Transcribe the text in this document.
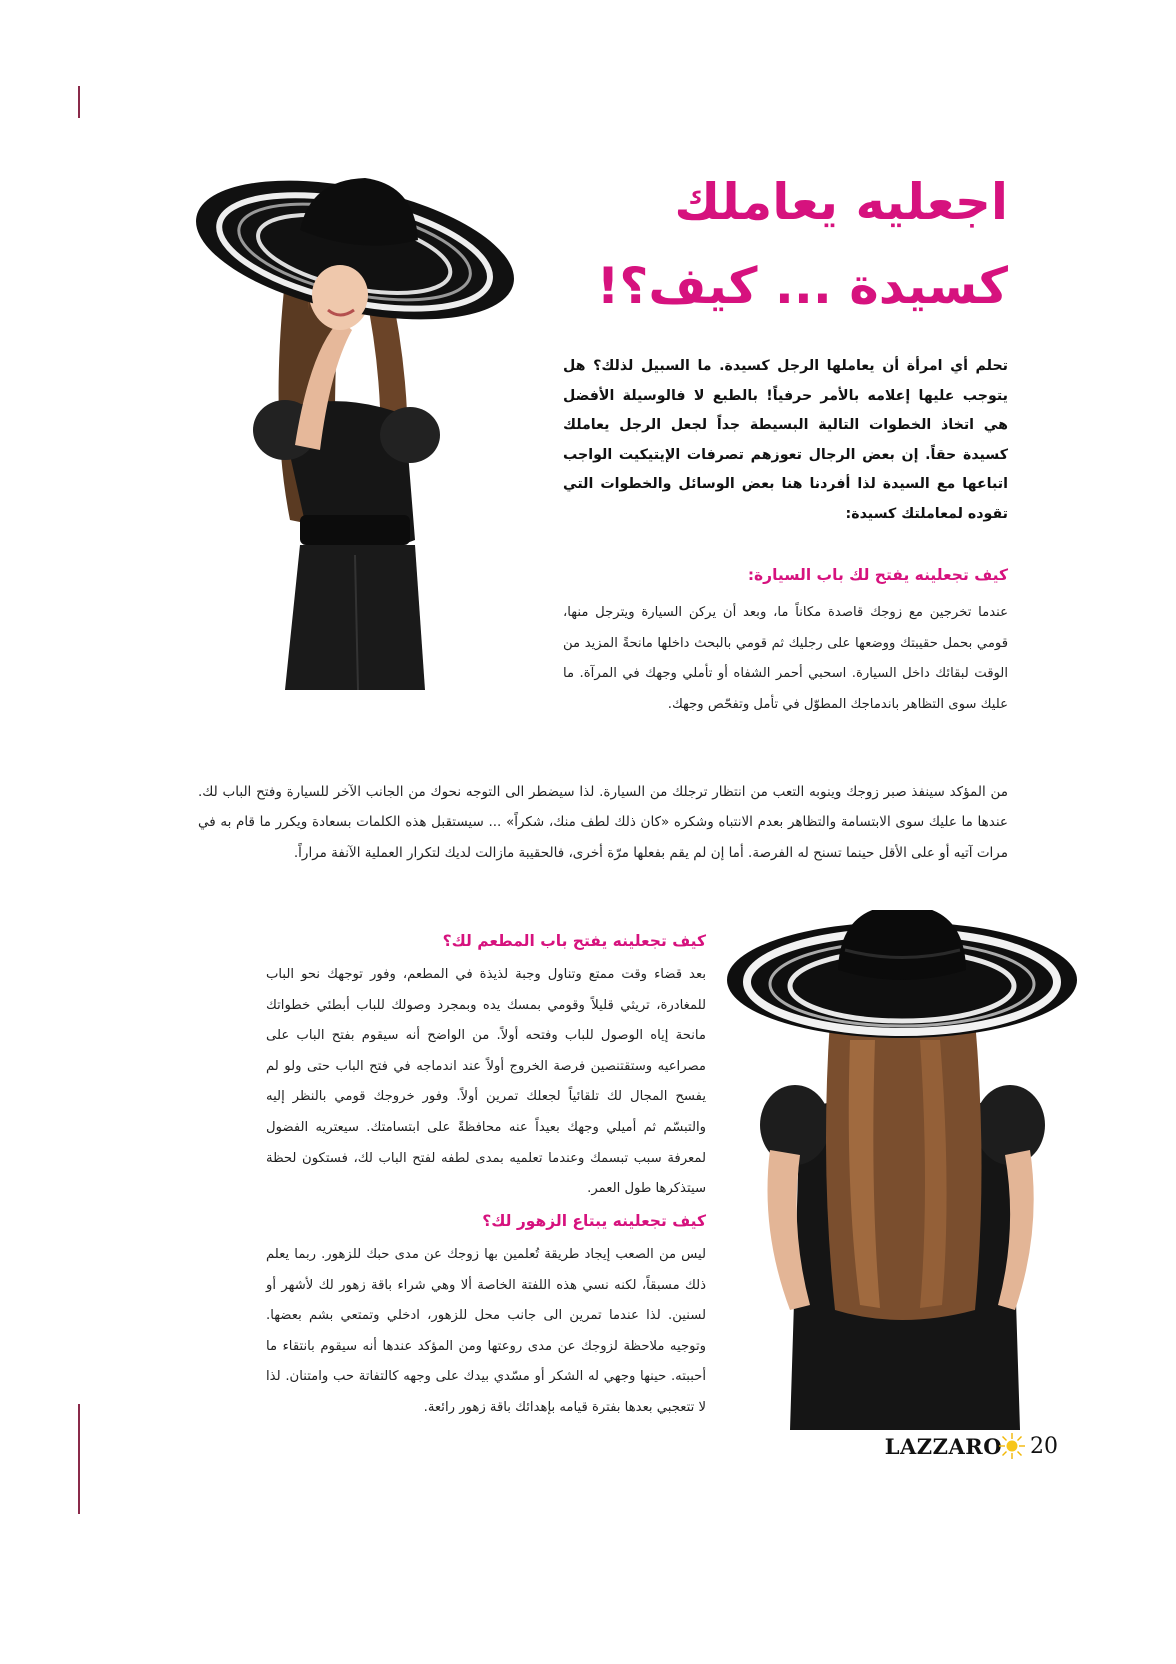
اجعليه يعاملك
كسيدة ... كيف؟!
تحلم أي امرأة أن يعاملها الرجل كسيدة. ما السبيل لذلك؟ هل يتوجب عليها إعلامه بالأمر حرفياً! بالطبع لا فالوسيلة الأفضل هي اتخاذ الخطوات التالية البسيطة جداً لجعل الرجل يعاملك كسيدة حقاً. إن بعض الرجال تعوزهم تصرفات الإيتيكيت الواجب اتباعها مع السيدة لذا أفردنا هنا بعض الوسائل والخطوات التي تقوده لمعاملتك كسيدة:
كيف تجعلينه يفتح لك باب السيارة:
عندما تخرجين مع زوجك قاصدة مكاناً ما، وبعد أن يركن السيارة ويترجل منها، قومي بحمل حقيبتك ووضعها على رجليك ثم قومي بالبحث داخلها مانحةً المزيد من الوقت لبقائك داخل السيارة. اسحبي أحمر الشفاه أو تأملي وجهك في المرآة. ما عليك سوى التظاهر باندماجك المطوّل في تأمل وتفحّص وجهك.
من المؤكد سينفذ صبر زوجك وينوبه التعب من انتظار ترجلك من السيارة. لذا سيضطر الى التوجه نحوك من الجانب الآخر للسيارة وفتح الباب لك. عندها ما عليك سوى الابتسامة والتظاهر بعدم الانتباه وشكره «كان ذلك لطف منك، شكراً» ... سيستقبل هذه الكلمات بسعادة ويكرر ما قام به في مرات آتيه أو على الأقل حينما تسنح له الفرصة. أما إن لم يقم بفعلها مرّة أخرى، فالحقيبة مازالت لديك لتكرار العملية الآنفة مراراً.
كيف تجعلينه يفتح باب المطعم لك؟
بعد قضاء وقت ممتع وتناول وجبة لذيذة في المطعم، وفور توجهك نحو الباب للمغادرة، تريثي قليلاً وقومي بمسك يده وبمجرد وصولك للباب أبطئي خطواتك مانحة إياه الوصول للباب وفتحه أولاً. من الواضح أنه سيقوم بفتح الباب على مصراعيه وستقتنصين فرصة الخروج أولاً عند اندماجه في فتح الباب حتى ولو لم يفسح المجال لك تلقائياً لجعلك تمرين أولاً. وفور خروجك قومي بالنظر إليه والتبسّم ثم أميلي وجهك بعيداً عنه محافظةً على ابتسامتك. سيعتريه الفضول لمعرفة سبب تبسمك وعندما تعلميه بمدى لطفه لفتح الباب لك، فستكون لحظة سيتذكرها طول العمر.
كيف تجعلينه يبتاع الزهور لك؟
ليس من الصعب إيجاد طريقة تُعلمين بها زوجك عن مدى حبك للزهور. ربما يعلم ذلك مسبقاً، لكنه نسي هذه اللفتة الخاصة ألا وهي شراء باقة زهور لك لأشهر أو لسنين. لذا عندما تمرين الى جانب محل للزهور، ادخلي وتمتعي بشم بعضها. وتوجيه ملاحظة لزوجك عن مدى روعتها ومن المؤكد عندها أنه سيقوم بانتقاء ما أحببته. حينها وجهي له الشكر أو مسّدي بيدك على وجهه كالتفاتة حب وامتنان. لذا لا تتعجبي بعدها بفترة قيامه بإهدائك باقة زهور رائعة.
LAZZARO 20
